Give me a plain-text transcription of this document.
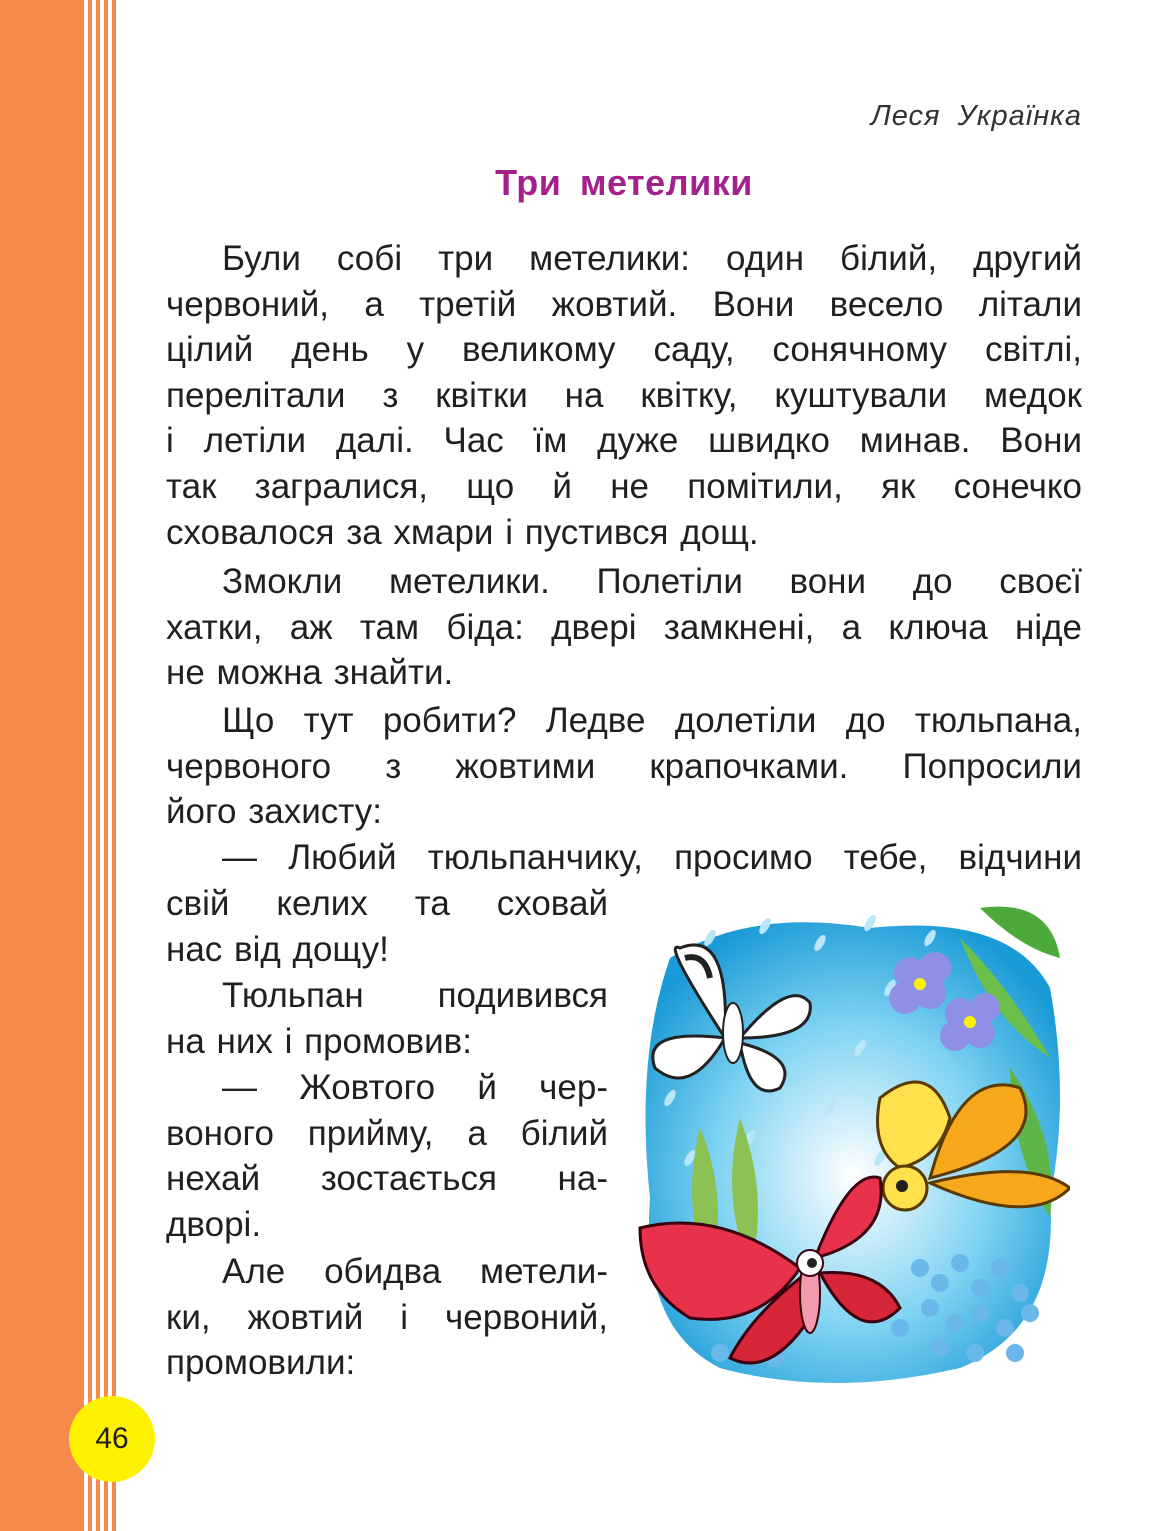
46
Леся Українка
Три метелики
Були собі три метелики: один білий, другий
червоний, а третій жовтий. Вони весело літали
цілий день у великому саду, сонячному світлі,
перелітали з квітки на квітку, куштували медок
і летіли далі. Час їм дуже швидко минав. Вони
так загралися, що й не помітили, як сонечко
сховалося за хмари і пустився дощ.
Змокли метелики. Полетіли вони до своєї
хатки, аж там біда: двері замкнені, а ключа ніде
не можна знайти.
Що тут робити? Ледве долетіли до тюльпана,
червоного з жовтими крапочками. Попросили
його захисту:
— Любий тюльпанчику, просимо тебе, відчини
свій келих та сховай
нас від дощу!
Тюльпан подивився
на них і промовив:
— Жовтого й чер-
воного прийму, а білий
нехай зостається на-
дворі.
Але обидва метели-
ки, жовтий і червоний,
промовили:
